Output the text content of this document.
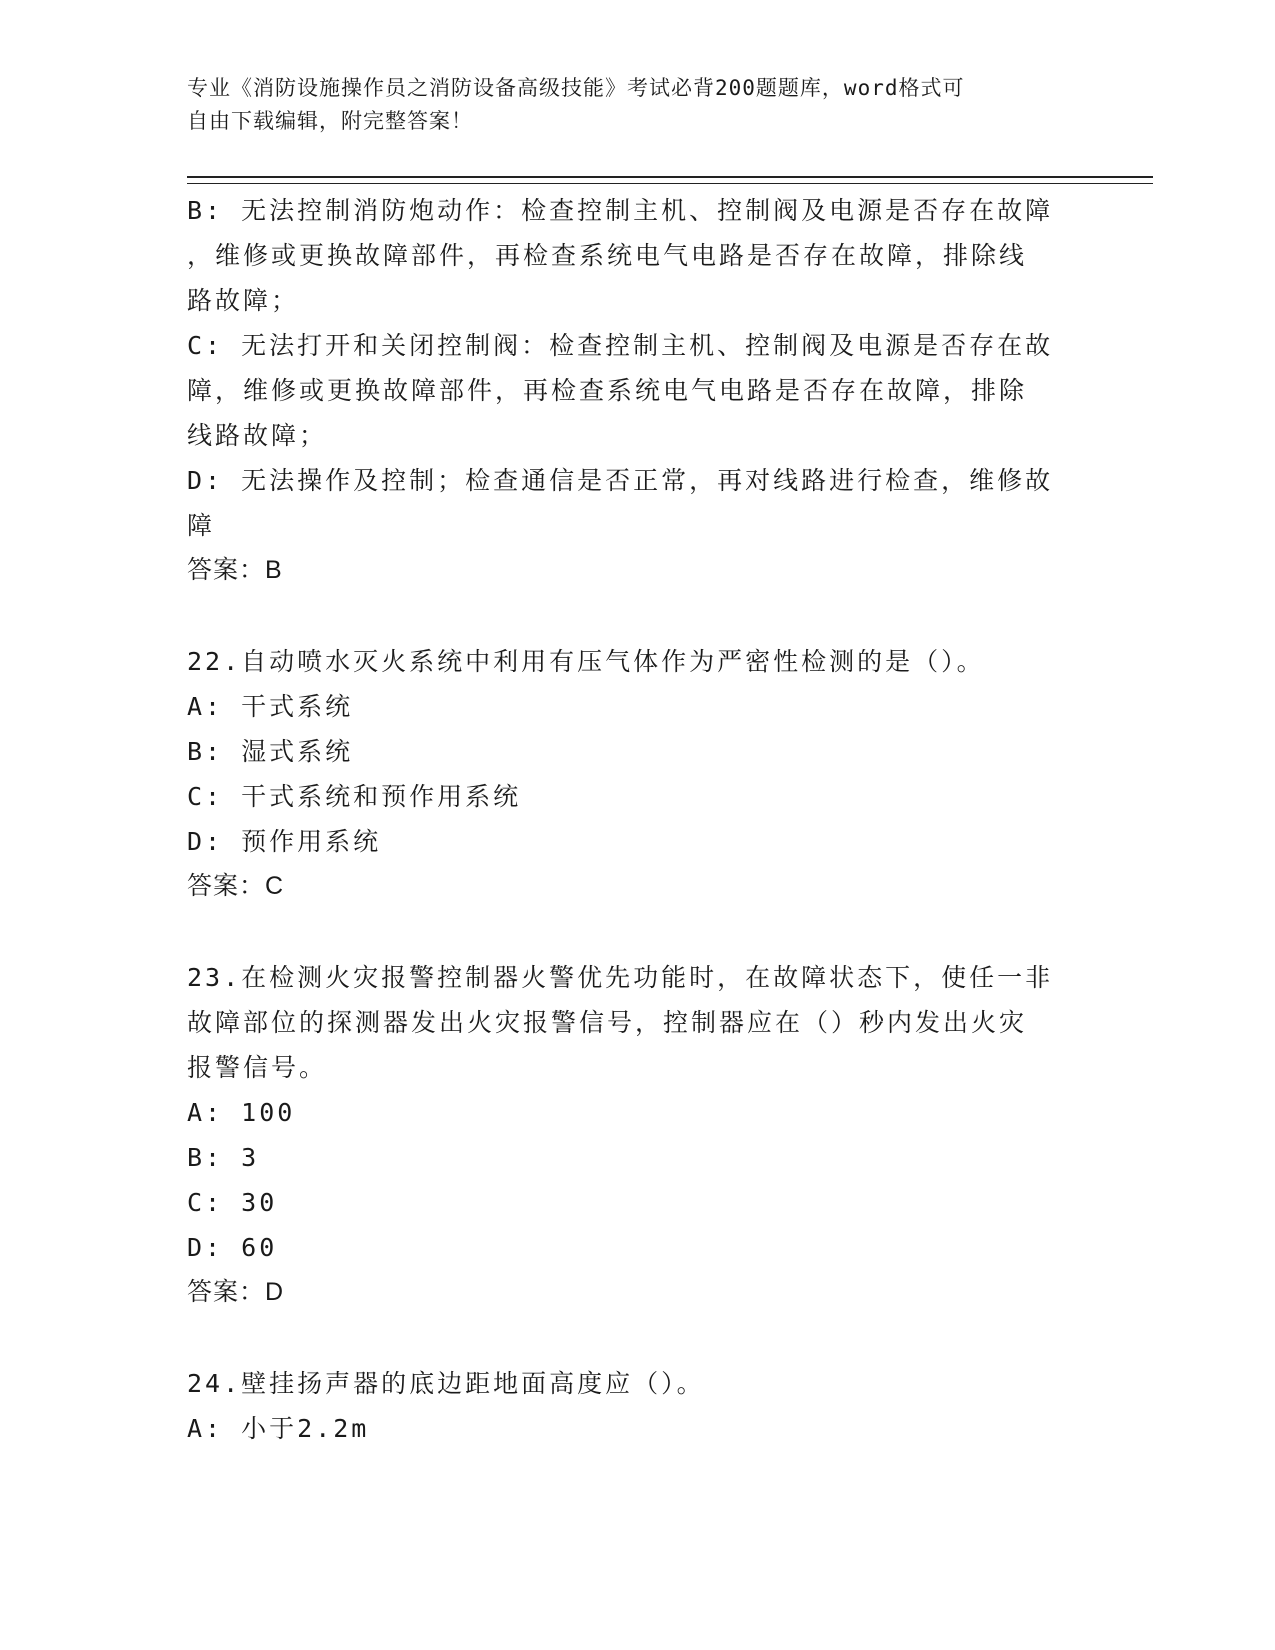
专业《消防设施操作员之消防设备高级技能》考试必背200题题库，word格式可
自由下载编辑，附完整答案！

B: 无法控制消防炮动作：检查控制主机、控制阀及电源是否存在故障

，维修或更换故障部件，再检查系统电气电路是否存在故障，排除线

路故障；

C: 无法打开和关闭控制阀：检查控制主机、控制阀及电源是否存在故

障，维修或更换故障部件，再检查系统电气电路是否存在故障，排除

线路故障；

D: 无法操作及控制；检查通信是否正常，再对线路进行检查，维修故

障

答案：B

22.自动喷水灭火系统中利用有压气体作为严密性检测的是（）。

A: 干式系统

B: 湿式系统

C: 干式系统和预作用系统

D: 预作用系统

答案：C

23.在检测火灾报警控制器火警优先功能时，在故障状态下，使任一非

故障部位的探测器发出火灾报警信号，控制器应在（）秒内发出火灾

报警信号。

A: 100

B: 3

C: 30

D: 60

答案：D

24.壁挂扬声器的底边距地面高度应（）。

A: 小于2.2m
